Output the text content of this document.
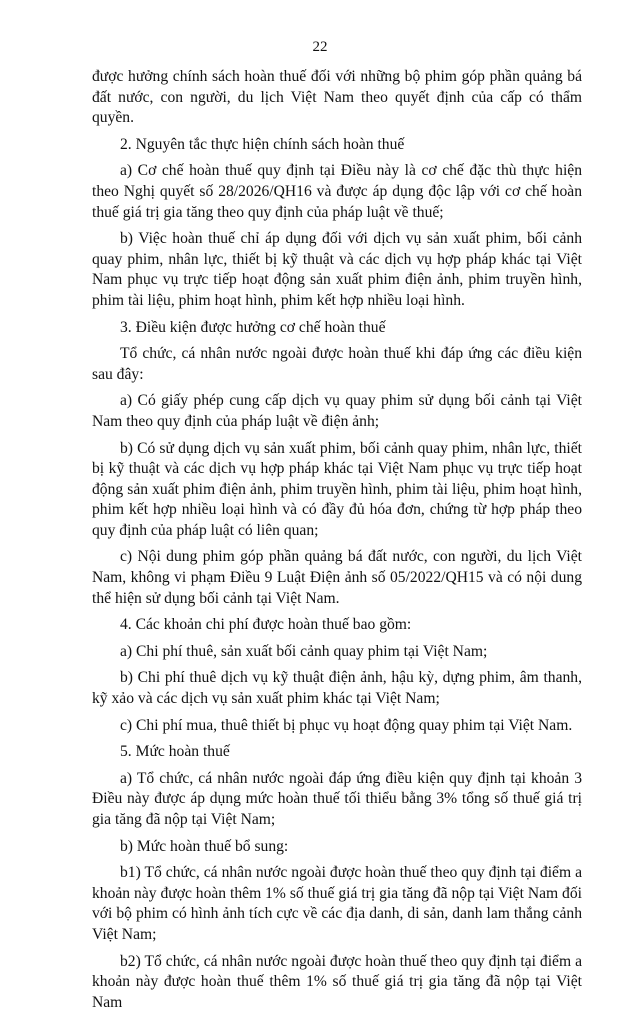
22

được hưởng chính sách hoàn thuế đối với những bộ phim góp phần quảng bá đất nước, con người, du lịch Việt Nam theo quyết định của cấp có thẩm quyền.

2. Nguyên tắc thực hiện chính sách hoàn thuế

a) Cơ chế hoàn thuế quy định tại Điều này là cơ chế đặc thù thực hiện theo Nghị quyết số 28/2026/QH16 và được áp dụng độc lập với cơ chế hoàn thuế giá trị gia tăng theo quy định của pháp luật về thuế;

b) Việc hoàn thuế chỉ áp dụng đối với dịch vụ sản xuất phim, bối cảnh quay phim, nhân lực, thiết bị kỹ thuật và các dịch vụ hợp pháp khác tại Việt Nam phục vụ trực tiếp hoạt động sản xuất phim điện ảnh, phim truyền hình, phim tài liệu, phim hoạt hình, phim kết hợp nhiều loại hình.

3. Điều kiện được hưởng cơ chế hoàn thuế

Tổ chức, cá nhân nước ngoài được hoàn thuế khi đáp ứng các điều kiện sau đây:

a) Có giấy phép cung cấp dịch vụ quay phim sử dụng bối cảnh tại Việt Nam theo quy định của pháp luật về điện ảnh;

b) Có sử dụng dịch vụ sản xuất phim, bối cảnh quay phim, nhân lực, thiết bị kỹ thuật và các dịch vụ hợp pháp khác tại Việt Nam phục vụ trực tiếp hoạt động sản xuất phim điện ảnh, phim truyền hình, phim tài liệu, phim hoạt hình, phim kết hợp nhiều loại hình và có đầy đủ hóa đơn, chứng từ hợp pháp theo quy định của pháp luật có liên quan;

c) Nội dung phim góp phần quảng bá đất nước, con người, du lịch Việt Nam, không vi phạm Điều 9 Luật Điện ảnh số 05/2022/QH15 và có nội dung thể hiện sử dụng bối cảnh tại Việt Nam.

4. Các khoản chi phí được hoàn thuế bao gồm:

a) Chi phí thuê, sản xuất bối cảnh quay phim tại Việt Nam;

b) Chi phí thuê dịch vụ kỹ thuật điện ảnh, hậu kỳ, dựng phim, âm thanh, kỹ xảo và các dịch vụ sản xuất phim khác tại Việt Nam;

c) Chi phí mua, thuê thiết bị phục vụ hoạt động quay phim tại Việt Nam.

5. Mức hoàn thuế

a) Tổ chức, cá nhân nước ngoài đáp ứng điều kiện quy định tại khoản 3 Điều này được áp dụng mức hoàn thuế tối thiểu bằng 3% tổng số thuế giá trị gia tăng đã nộp tại Việt Nam;

b) Mức hoàn thuế bổ sung:

b1) Tổ chức, cá nhân nước ngoài được hoàn thuế theo quy định tại điểm a khoản này được hoàn thêm 1% số thuế giá trị gia tăng đã nộp tại Việt Nam đối với bộ phim có hình ảnh tích cực về các địa danh, di sản, danh lam thắng cảnh Việt Nam;

b2) Tổ chức, cá nhân nước ngoài được hoàn thuế theo quy định tại điểm a khoản này được hoàn thuế thêm 1% số thuế giá trị gia tăng đã nộp tại Việt Nam
